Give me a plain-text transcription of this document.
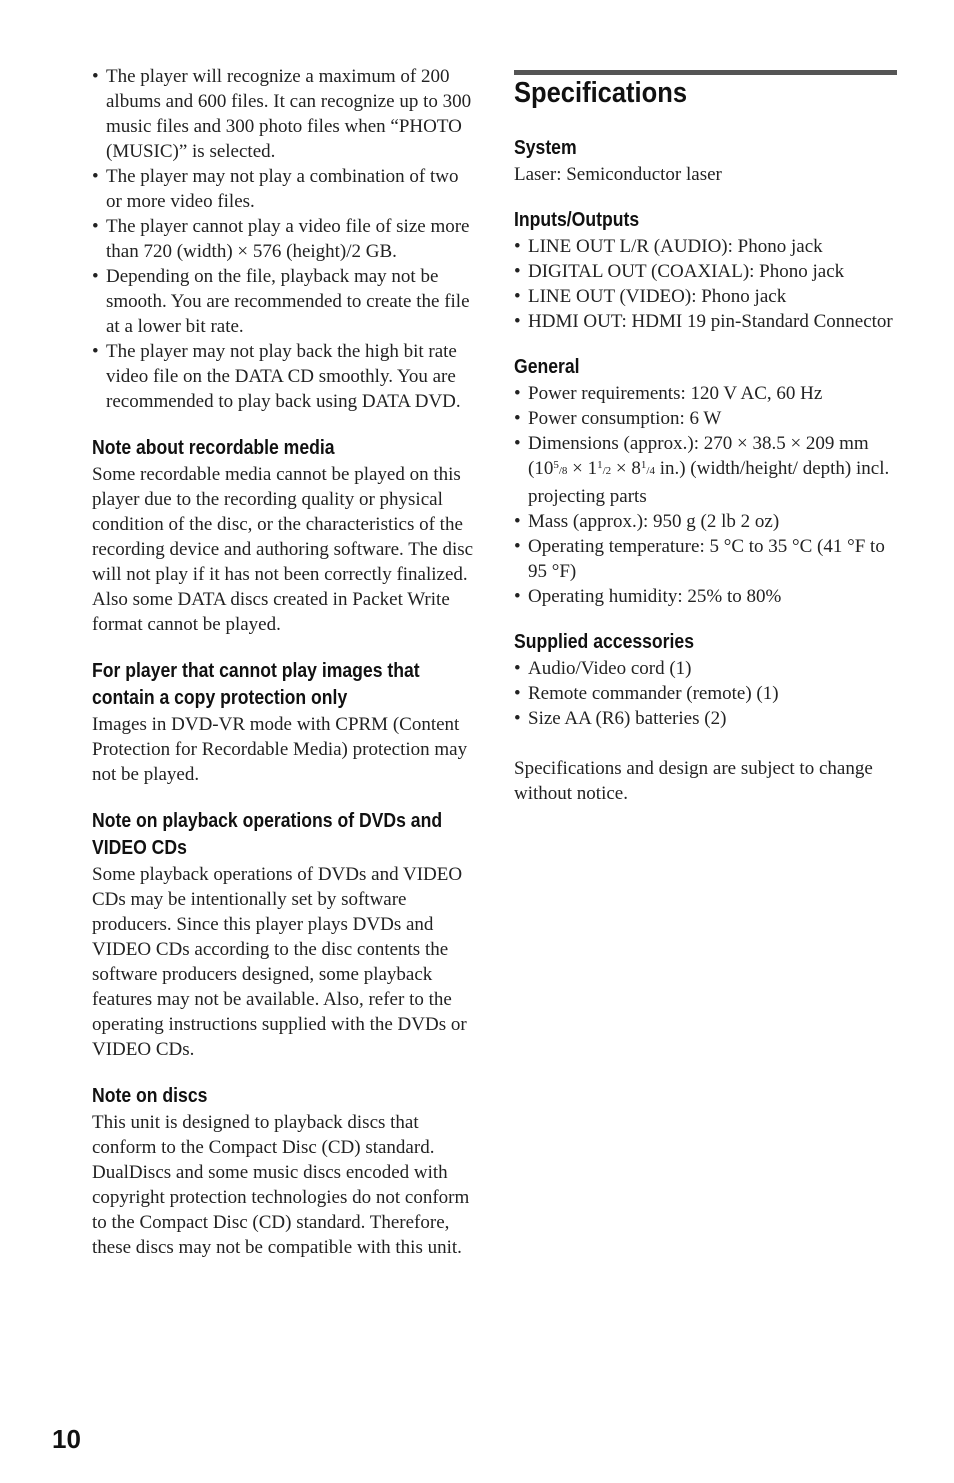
• The player will recognize a maximum of 200 albums and 600 files. It can recognize up to 300 music files and 300 photo files when “PHOTO (MUSIC)” is selected.
• The player may not play a combination of two or more video files.
• The player cannot play a video file of size more than 720 (width) × 576 (height)/2 GB.
• Depending on the file, playback may not be smooth. You are recommended to create the file at a lower bit rate.
• The player may not play back the high bit rate video file on the DATA CD smoothly. You are recommended to play back using DATA DVD.
Note about recordable media

Some recordable media cannot be played on this player due to the recording quality or physical condition of the disc, or the characteristics of the recording device and authoring software. The disc will not play if it has not been correctly finalized. Also some DATA discs created in Packet Write format cannot be played.

For player that cannot play images that contain a copy protection only

Images in DVD-VR mode with CPRM (Content Protection for Recordable Media) protection may not be played.

Note on playback operations of DVDs and VIDEO CDs

Some playback operations of DVDs and VIDEO CDs may be intentionally set by software producers. Since this player plays DVDs and VIDEO CDs according to the disc contents the software producers designed, some playback features may not be available. Also, refer to the operating instructions supplied with the DVDs or VIDEO CDs.

Note on discs

This unit is designed to playback discs that conform to the Compact Disc (CD) standard. DualDiscs and some music discs encoded with copyright protection technologies do not conform to the Compact Disc (CD) standard. Therefore, these discs may not be compatible with this unit.

Specifications
System

Laser: Semiconductor laser

Inputs/Outputs
• LINE OUT L/R (AUDIO): Phono jack
• DIGITAL OUT (COAXIAL): Phono jack
• LINE OUT (VIDEO): Phono jack
• HDMI OUT: HDMI 19 pin-Standard Connector
General
• Power requirements: 120 V AC, 60 Hz
• Power consumption: 6 W
• Dimensions (approx.): 270 × 38.5 × 209 mm ($10^5/8 \times 1^1/2 \times 8^1/4$ in.) (width/height/ depth) incl. projecting parts
• Mass (approx.): 950 g (2 lb 2 oz)
• Operating temperature: 5 °C to 35 °C (41 °F to 95 °F)
• Operating humidity: 25% to 80%
Supplied accessories
• Audio/Video cord (1)
• Remote commander (remote) (1)
• Size AA (R6) batteries (2)

Specifications and design are subject to change without notice.

10
